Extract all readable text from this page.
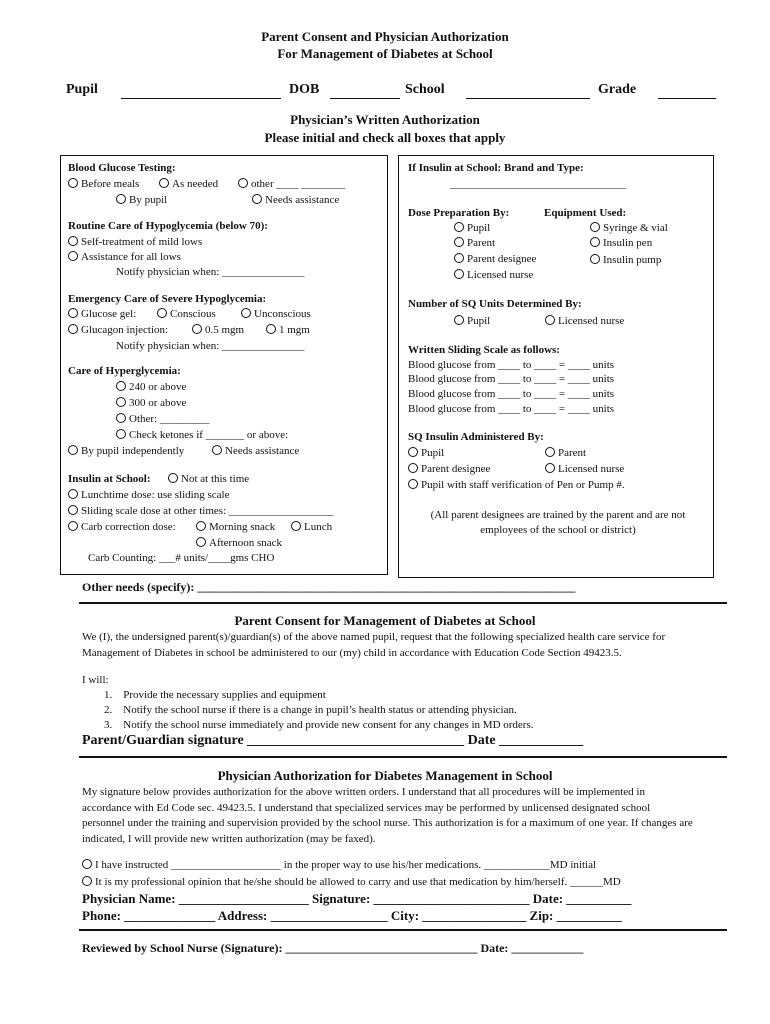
Parent Consent and Physician Authorization
For Management of Diabetes at School
Pupil	DOB	School	Grade
Physician’s Written Authorization
Please initial and check all boxes that apply
Blood Glucose Testing:
Before meals	As needed	other ____ ________
By pupil	Needs assistance
Routine Care of Hypoglycemia (below 70):
Self-treatment of mild lows
Assistance for all lows
Notify physician when: _______________
Emergency Care of Severe Hypoglycemia:
Glucose gel:	Conscious	Unconscious
Glucagon injection:	0.5 mgm	1 mgm
Notify physician when: _______________
Care of Hyperglycemia:
240 or above
300 or above
Other: _________
Check ketones if _______ or above:
By pupil independently	Needs assistance
Insulin at School:	Not at this time
Lunchtime dose: use sliding scale
Sliding scale dose at other times: ___________________
Carb correction dose:	Morning snack	Lunch
Afternoon snack
Carb Counting: ___# units/____gms CHO
If Insulin at School: Brand and Type:
________________________________
Dose Preparation By:	Equipment Used:
Pupil
Parent
Parent designee
Licensed nurse
Syringe & vial
Insulin pen
Insulin pump
Number of SQ Units Determined By:
Pupil	Licensed nurse
Written Sliding Scale as follows:
Blood glucose from ____ to ____ = ____ units
Blood glucose from ____ to ____ = ____ units
Blood glucose from ____ to ____ = ____ units
Blood glucose from ____ to ____ = ____ units
SQ Insulin Administered By:
Pupil	Parent
Parent designee	Licensed nurse
Pupil with staff verification of Pen or Pump #.
(All parent designees are trained by the parent and are not employees of the school or district)
Other needs (specify): _______________________________________________________________
Parent Consent for Management of Diabetes at School
We (I), the undersigned parent(s)/guardian(s) of the above named pupil, request that the following specialized health care service for Management of Diabetes in school be administered to our (my) child in accordance with Education Code Section 49423.5.
I will:
1.    Provide the necessary supplies and equipment
2.    Notify the school nurse if there is a change in pupil’s health status or attending physician.
3.    Notify the school nurse immediately and provide new consent for any changes in MD orders.
Parent/Guardian signature _______________________________ Date ____________
Physician Authorization for Diabetes Management in School
My signature below provides authorization for the above written orders. I understand that all procedures will be implemented in accordance with Ed Code sec. 49423.5. I understand that specialized services may be performed by unlicensed designated school personnel under the training and supervision provided by the school nurse. This authorization is for a maximum of one year. If changes are indicated, I will provide new written authorization (may be faxed).
I have instructed ____________________ in the proper way to use his/her medications. ____________MD initial
It is my professional opinion that he/she should be allowed to carry and use that medication by him/herself. ______MD
Physician Name: ____________________ Signature: ________________________ Date: __________
Phone: ______________ Address: __________________ City: ________________ Zip: __________
Reviewed by School Nurse (Signature): ________________________________ Date: ____________
